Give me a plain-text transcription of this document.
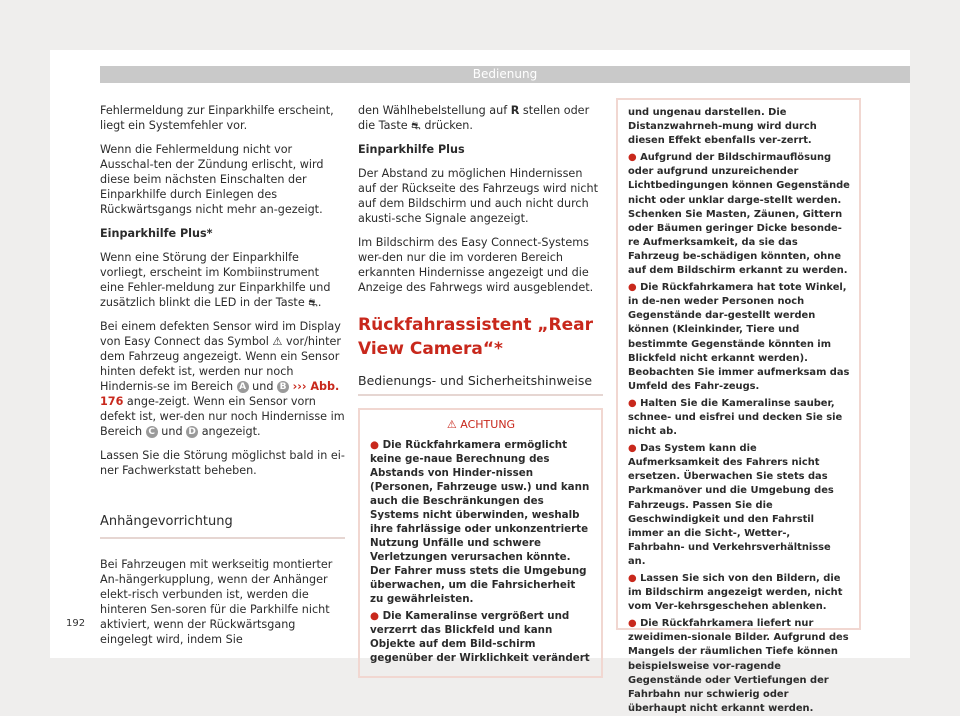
Bedienung

Fehlermeldung zur Einparkhilfe erscheint, liegt ein Systemfehler vor.

Wenn die Fehlermeldung nicht vor Ausschal-ten der Zündung erlischt, wird diese beim nächsten Einschalten der Einparkhilfe durch Einlegen des Rückwärtsgangs nicht mehr an-gezeigt.

Einparkhilfe Plus*

Wenn eine Störung der Einparkhilfe vorliegt, erscheint im Kombiinstrument eine Fehler-meldung zur Einparkhilfe und zusätzlich blinkt die LED in der Taste ⛐.

Bei einem defekten Sensor wird im Display von Easy Connect das Symbol ⚠ vor/hinter dem Fahrzeug angezeigt. Wenn ein Sensor hinten defekt ist, werden nur noch Hindernis-se im Bereich A und B ››› Abb. 176 ange-zeigt. Wenn ein Sensor vorn defekt ist, wer-den nur noch Hindernisse im Bereich C und D angezeigt.

Lassen Sie die Störung möglichst bald in ei-ner Fachwerkstatt beheben.

Anhängevorrichtung

Bei Fahrzeugen mit werkseitig montierter An-hängerkupplung, wenn der Anhänger elekt-risch verbunden ist, werden die hinteren Sen-soren für die Parkhilfe nicht aktiviert, wenn der Rückwärtsgang eingelegt wird, indem Sie

den Wählhebelstellung auf R stellen oder die Taste ⛐ drücken.

Einparkhilfe Plus

Der Abstand zu möglichen Hindernissen auf der Rückseite des Fahrzeugs wird nicht auf dem Bildschirm und auch nicht durch akusti-sche Signale angezeigt.

Im Bildschirm des Easy Connect-Systems wer-den nur die im vorderen Bereich erkannten Hindernisse angezeigt und die Anzeige des Fahrwegs wird ausgeblendet.

Rückfahrassistent „Rear View Camera“*
Bedienungs- und Sicherheitshinweise
⚠ ACHTUNG
● Die Rückfahrkamera ermöglicht keine ge-naue Berechnung des Abstands von Hinder-nissen (Personen, Fahrzeuge usw.) und kann auch die Beschränkungen des Systems nicht überwinden, weshalb ihre fahrlässige oder unkonzentrierte Nutzung Unfälle und schwere Verletzungen verursachen könnte. Der Fahrer muss stets die Umgebung überwachen, um die Fahrsicherheit zu gewährleisten.
● Die Kameralinse vergrößert und verzerrt das Blickfeld und kann Objekte auf dem Bild-schirm gegenüber der Wirklichkeit verändert
und ungenau darstellen. Die Distanzwahrneh-mung wird durch diesen Effekt ebenfalls ver-zerrt.
● Aufgrund der Bildschirmauflösung oder aufgrund unzureichender Lichtbedingungen können Gegenstände nicht oder unklar darge-stellt werden. Schenken Sie Masten, Zäunen, Gittern oder Bäumen geringer Dicke besonde-re Aufmerksamkeit, da sie das Fahrzeug be-schädigen könnten, ohne auf dem Bildschirm erkannt zu werden.
● Die Rückfahrkamera hat tote Winkel, in de-nen weder Personen noch Gegenstände dar-gestellt werden können (Kleinkinder, Tiere und bestimmte Gegenstände könnten im Blickfeld nicht erkannt werden). Beobachten Sie immer aufmerksam das Umfeld des Fahr-zeugs.
● Halten Sie die Kameralinse sauber, schnee- und eisfrei und decken Sie sie nicht ab.
● Das System kann die Aufmerksamkeit des Fahrers nicht ersetzen. Überwachen Sie stets das Parkmanöver und die Umgebung des Fahrzeugs. Passen Sie die Geschwindigkeit und den Fahrstil immer an die Sicht-, Wetter-, Fahrbahn- und Verkehrsverhältnisse an.
● Lassen Sie sich von den Bildern, die im Bildschirm angezeigt werden, nicht vom Ver-kehrsgeschehen ablenken.
● Die Rückfahrkamera liefert nur zweidimen-sionale Bilder. Aufgrund des Mangels der räumlichen Tiefe können beispielsweise vor-ragende Gegenstände oder Vertiefungen der Fahrbahn nur schwierig oder überhaupt nicht erkannt werden.
192
